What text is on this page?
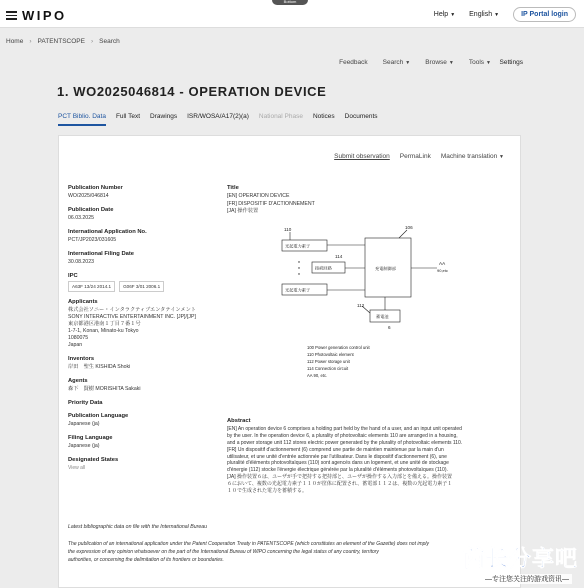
WIPO
Bottom
Help ▼ English ▼	IP Portal login
Home › PATENTSCOPE › Search
Feedback Search ▼ Browse ▼ Tools ▼ Settings
1. WO2025046814 - OPERATION DEVICE
PCT Biblio. Data Full Text Drawings ISR/WOSA/A17(2)(a) National Phase Notices Documents
Submit observation PermaLink Machine translation ▼
Publication Number
WO/2025/046814
Publication Date
06.03.2025
International Application No.
PCT/JP2023/031605
International Filing Date
30.08.2023
IPC
A63F 13/24 2014.1	G06F 3/01 2006.1
Applicants
株式会社ソニー・インタラクティブエンタテインメント SONY INTERACTIVE ENTERTAINMENT INC. [JP]/[JP]
東京都港区港南１丁目７番１号
1-7-1, Konan, Minato-ku Tokyo
1080075
Japan
Inventors
岸田　聖生 KISHIDA Shoki
Agents
森下　賢樹 MORISHITA Sakaki
Priority Data
Publication Language
Japanese (ja)
Filing Language
Japanese (ja)
Designated States
View all
Title
[EN] OPERATION DEVICE
[FR] DISPOSITIF D'ACTIONNEMENT
[JA] 操作装置
110	106
114
112
6
光起電力素子
接続回路
光起電力素子
充電制御部
蓄電池
AA
90,etc
100 Power generation control unit
110 Photovoltaic element
112 Power storage unit
114 Connection circuit
AA 90, etc.
Abstract
[EN] An operation device 6 comprises a holding part held by the hand of a user, and an input unit operated
by the user. In the operation device 6, a plurality of photovoltaic elements 110 are arranged in a housing,
and a power storage unit 112 stores electric power generated by the plurality of photovoltaic elements 110.
[FR] Un dispositif d'actionnement (6) comprend une partie de maintien maintenue par la main d'un
utilisateur, et une unité d'entrée actionnée par l'utilisateur. Dans le dispositif d'actionnement (6), une
pluralité d'éléments photovoltaïques (110) sont agencés dans un logement, et une unité de stockage
d'énergie (112) stocke l'énergie électrique générée par la pluralité d'éléments photovoltaïques (110).
[JA] 操作装置６は、ユーザが手で把持する把持部と、ユーザが操作する入力部とを備える。操作装置
６において、複数の光起電力素子１１０が筐体に配置され、蓄電部１１２は、複数の光起電力素子１
１０で生成された電力を蓄積する。
Latest bibliographic data on file with the International Bureau
The publication of an international application under the Patent Cooperation Treaty in PATENTSCOPE (which constitutes an element of the Gazette) does not imply
the expression of any opinion whatsoever on the part of the International Bureau of WIPO concerning the legal status of any country, territory
authorities, or concerning the delimitation of its frontiers or boundaries.	酋长分享吧
—专注您关注的游戏资讯—
